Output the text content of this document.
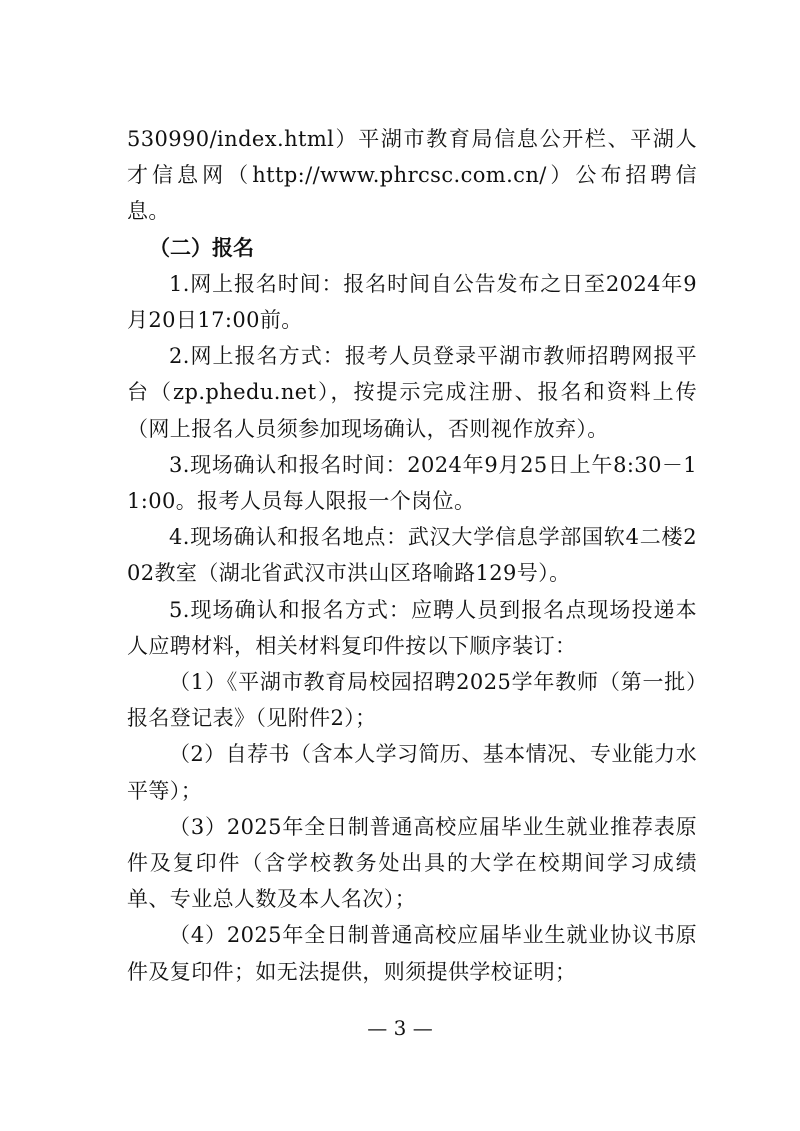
530990/index.html）平湖市教育局信息公开栏、平湖人才信息网（http://www.phrcsc.com.cn/）公布招聘信息。

（二）报名

1.网上报名时间：报名时间自公告发布之日至2024年9月20日17:00前。

2.网上报名方式：报考人员登录平湖市教师招聘网报平台（zp.phedu.net），按提示完成注册、报名和资料上传（网上报名人员须参加现场确认，否则视作放弃）。

3.现场确认和报名时间：2024年9月25日上午8:30－11:00。报考人员每人限报一个岗位。

4.现场确认和报名地点：武汉大学信息学部国软4二楼202教室（湖北省武汉市洪山区珞喻路129号）。

5.现场确认和报名方式：应聘人员到报名点现场投递本人应聘材料，相关材料复印件按以下顺序装订：

（1）《平湖市教育局校园招聘2025学年教师（第一批）报名登记表》（见附件2）；

（2）自荐书（含本人学习简历、基本情况、专业能力水平等）；

（3）2025年全日制普通高校应届毕业生就业推荐表原件及复印件（含学校教务处出具的大学在校期间学习成绩单、专业总人数及本人名次）；

（4）2025年全日制普通高校应届毕业生就业协议书原件及复印件；如无法提供，则须提供学校证明；

— 3 —
